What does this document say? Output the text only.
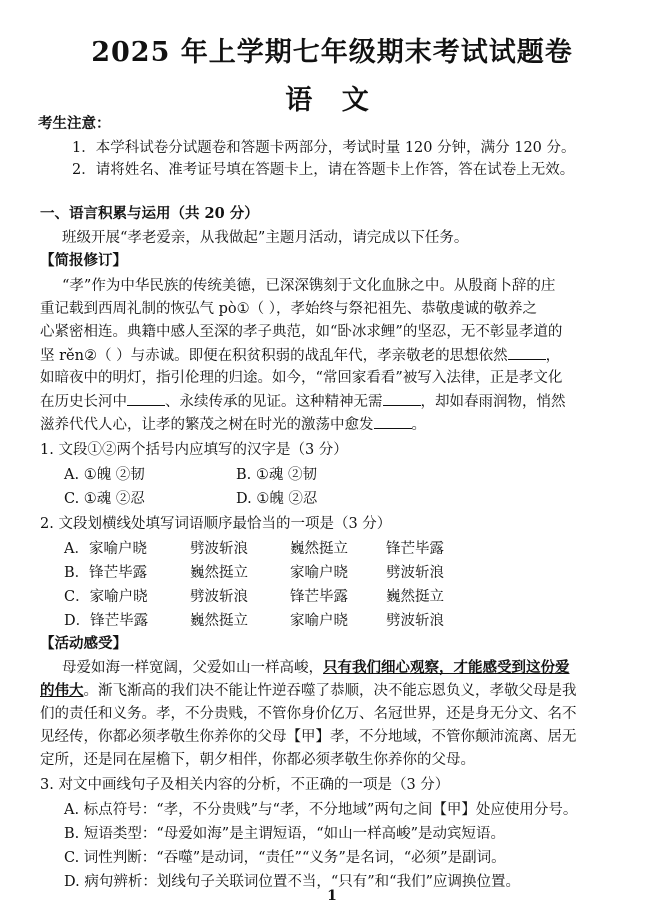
2025 年上学期七年级期末考试试题卷
语 文
考生注意：
1．本学科试卷分试题卷和答题卡两部分，考试时量 120 分钟，满分 120 分。
2．请将姓名、准考证号填在答题卡上，请在答题卡上作答，答在试卷上无效。
一、语言积累与运用（共 20 分）
班级开展“孝老爱亲，从我做起”主题月活动，请完成以下任务。
【简报修订】
“孝”作为中华民族的传统美德，已深深镌刻于文化血脉之中。从殷商卜辞的庄
重记载到西周礼制的恢弘气 pò①（ ），孝始终与祭祀祖先、恭敬虔诚的敬养之
心紧密相连。典籍中感人至深的孝子典范，如“卧冰求鲤”的坚忍，无不彰显孝道的
坚 rěn②（ ）与赤诚。即便在积贫积弱的战乱年代，孝亲敬老的思想依然	，
如暗夜中的明灯，指引伦理的归途。如今，“常回家看看”被写入法律，正是孝文化
在历史长河中	、永续传承的见证。这种精神无需	，却如春雨润物，悄然
滋养代代人心，让孝的繁茂之树在时光的激荡中愈发	。
1. 文段①②两个括号内应填写的汉字是（3 分）
A. ①魄 ②韧	B. ①魂 ②韧
C. ①魂 ②忍	D. ①魄 ②忍
2. 文段划横线处填写词语顺序最恰当的一项是（3 分）
A．家喻户晓	劈波斩浪	巍然挺立	锋芒毕露
B．锋芒毕露	巍然挺立	家喻户晓	劈波斩浪
C．家喻户晓	劈波斩浪	锋芒毕露	巍然挺立
D．锋芒毕露	巍然挺立	家喻户晓	劈波斩浪
【活动感受】
母爱如海一样宽阔，父爱如山一样高峻，只有我们细心观察，才能感受到这份爱
的伟大。渐飞渐高的我们决不能让忤逆吞噬了恭顺，决不能忘恩负义，孝敬父母是我
们的责任和义务。孝，不分贵贱，不管你身价亿万、名冠世界，还是身无分文、名不
见经传，你都必须孝敬生你养你的父母【甲】孝，不分地域，不管你颠沛流离、居无
定所，还是同在屋檐下，朝夕相伴，你都必须孝敬生你养你的父母。
3. 对文中画线句子及相关内容的分析，不正确的一项是（3 分）
A. 标点符号：“孝，不分贵贱”与“孝，不分地域”两句之间【甲】处应使用分号。
B. 短语类型：“母爱如海”是主谓短语，“如山一样高峻”是动宾短语。
C. 词性判断：“吞噬”是动词，“责任”“义务”是名词，“必须”是副词。
D. 病句辨析：划线句子关联词位置不当，“只有”和“我们”应调换位置。
1
